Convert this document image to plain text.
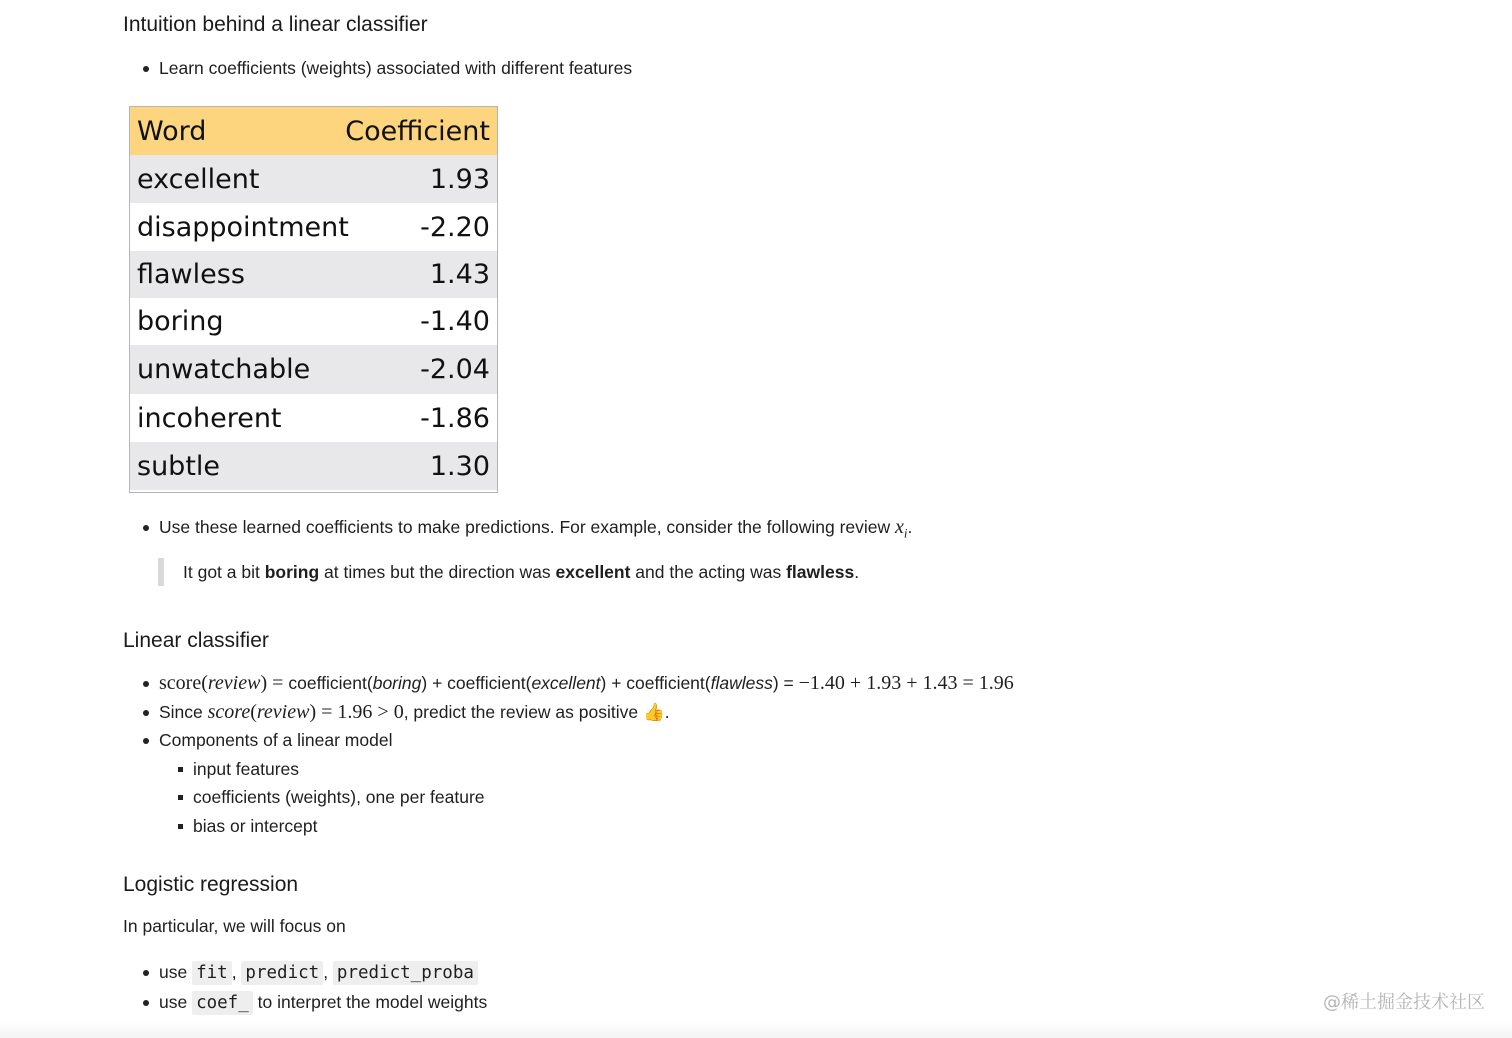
Intuition behind a linear classifier
Learn coefficients (weights) associated with different features
Use these learned coefficients to make predictions. For example, consider the following review $x_i$.
Linear classifier
score(review) = coefficient(boring) + coefficient(excellent) + coefficient(flawless) = −1.40 + 1.93 + 1.43 = 1.96
Since score(review) = 1.96 > 0, predict the review as positive 👍.
Components of a linear model
input features
coefficients (weights), one per feature
bias or intercept
Logistic regression
In particular, we will focus on
use fit , predict , predict_proba
use coef_ to interpret the model weights
Word	Coefficient
excellent	1.93
disappointment	-2.20
flawless	1.43
boring	-1.40
unwatchable	-2.04
incoherent	-1.86
subtle	1.30
It got a bit boring at times but the direction was excellent and the acting was flawless.
@稀土掘金技术社区
